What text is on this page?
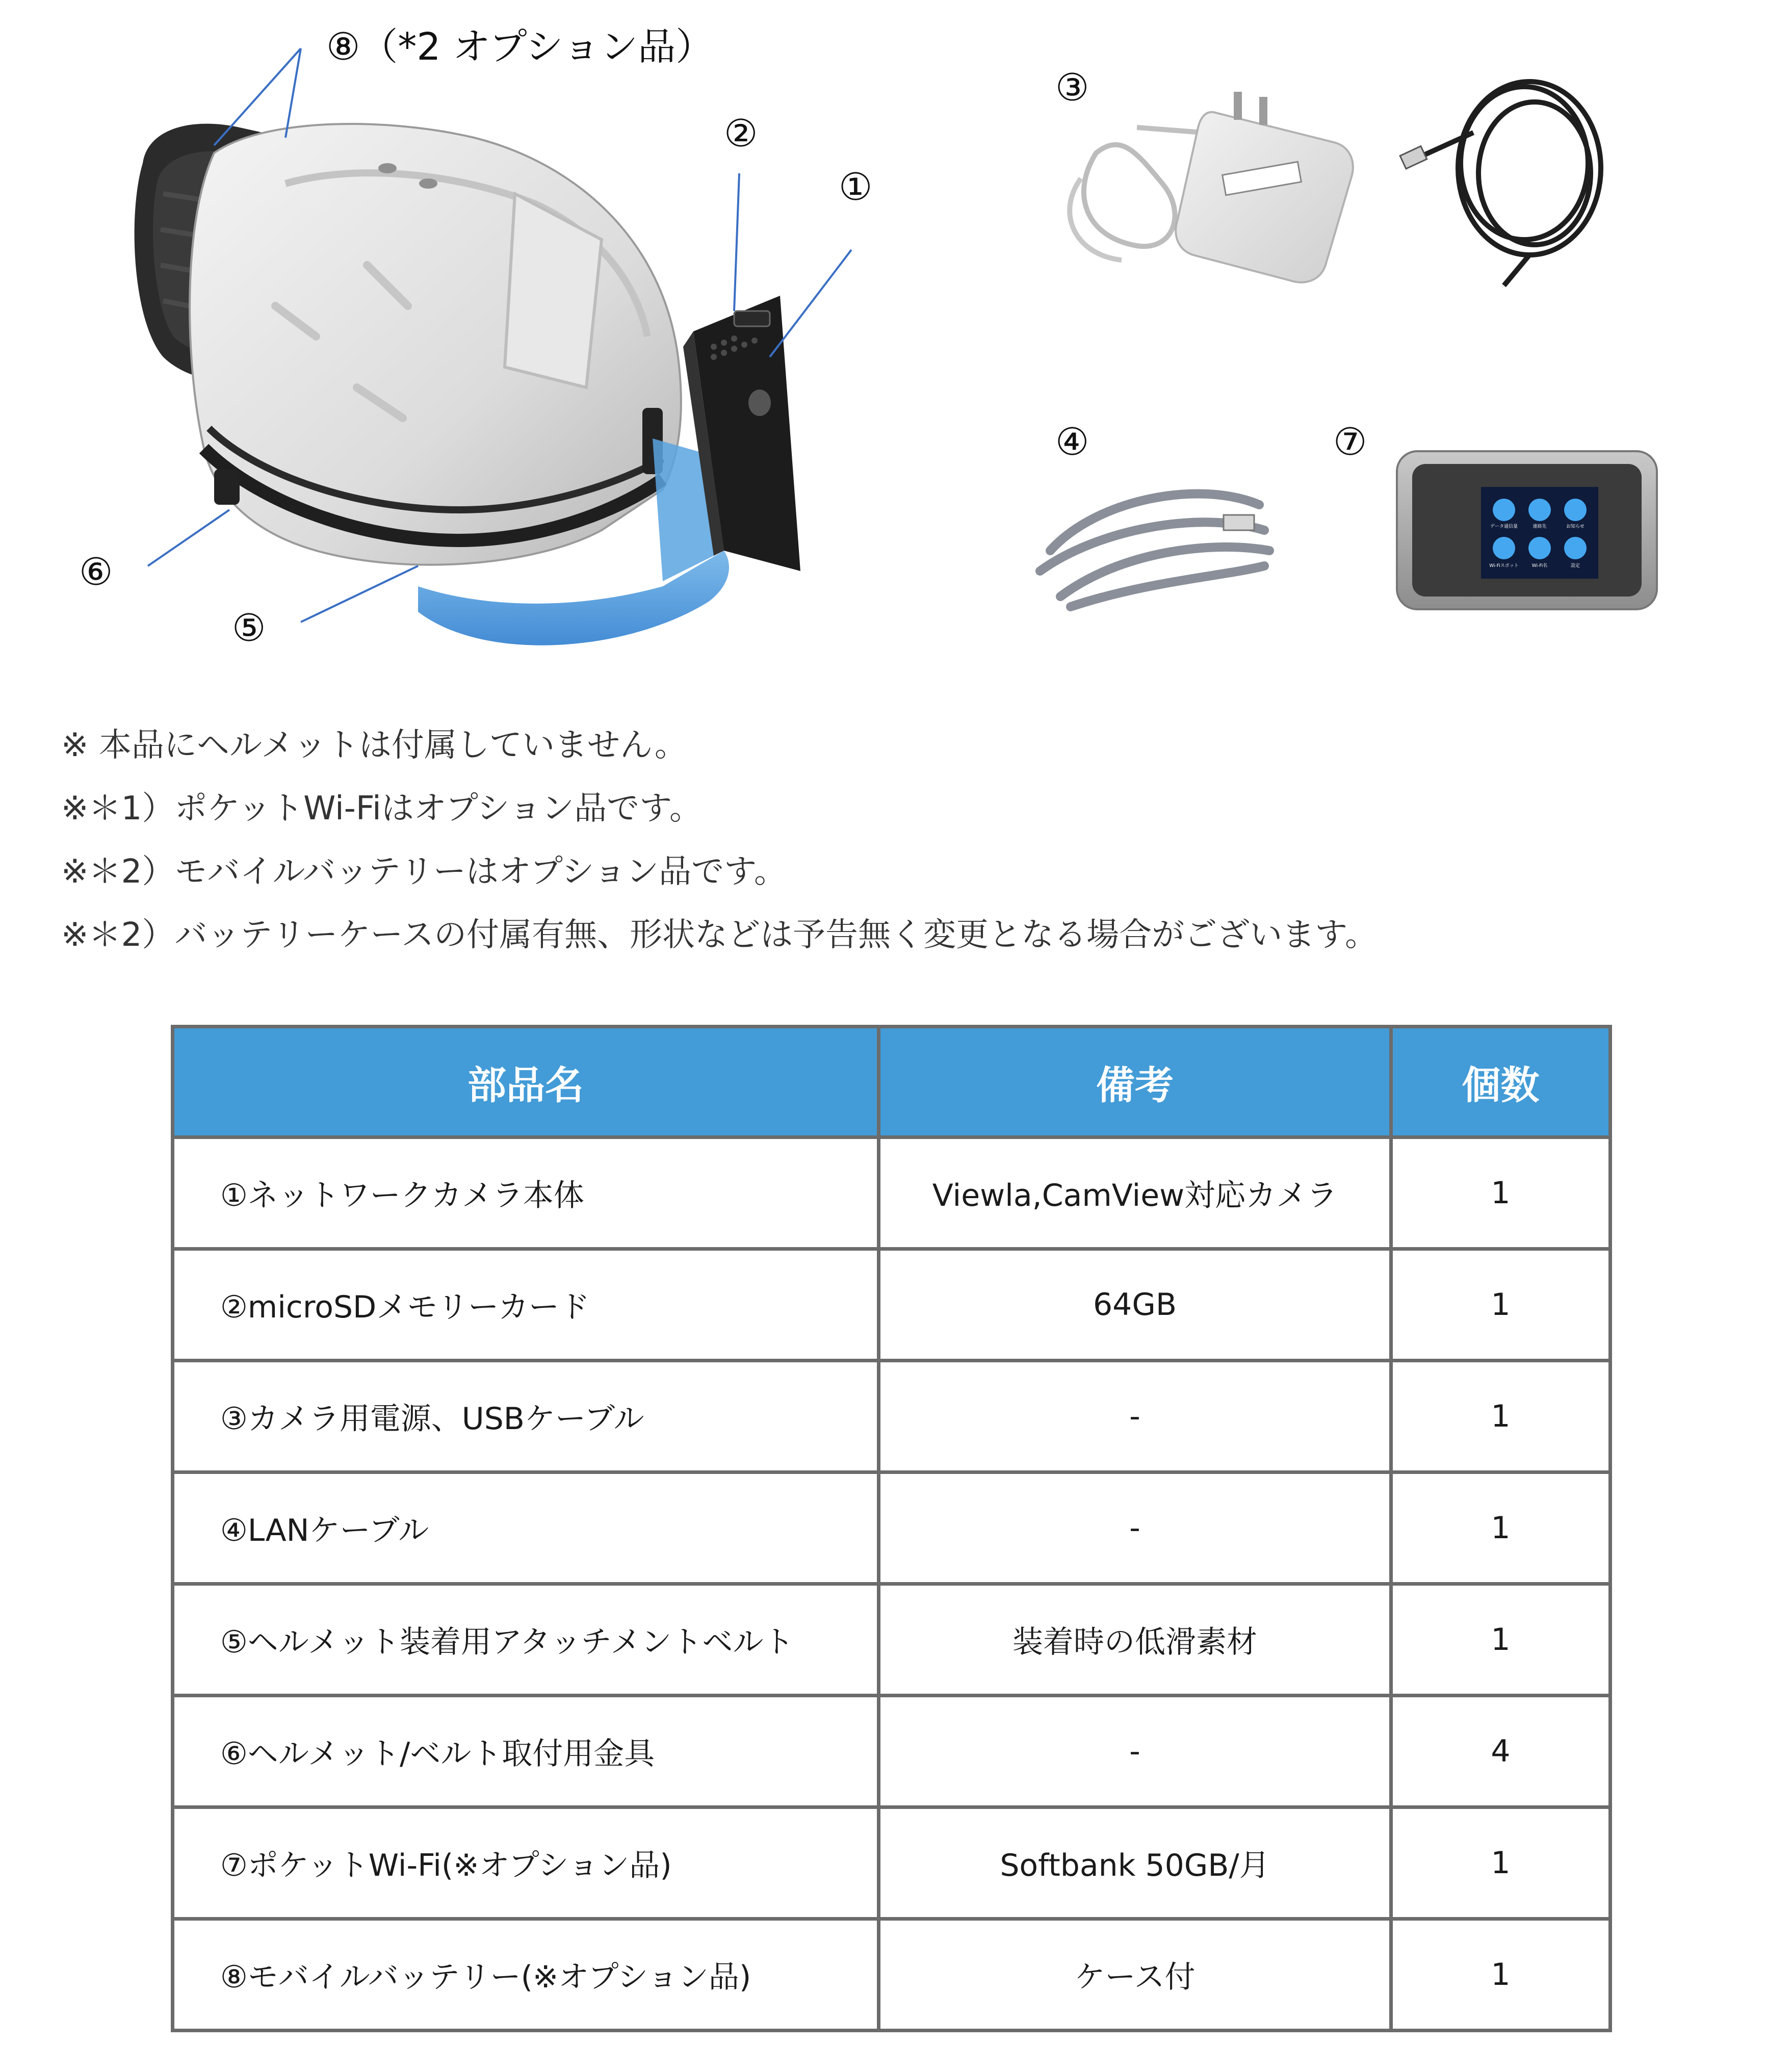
データ通信量	連絡先	お知らせ
Wi-Fiスポット	Wi-Fi名	設定
⑧（*2 オプション品）
②
①
③
④	⑦
⑥
⑤
※ 本品にヘルメットは付属していません。
※＊1）ポケットWi-Fiはオプション品です。
※＊2）モバイルバッテリーはオプション品です。
※＊2）バッテリーケースの付属有無、形状などは予告無く変更となる場合がございます。
部品名	備考	個数
①ネットワークカメラ本体	Viewla,CamView対応カメラ	1
②microSDメモリーカード	64GB	1
③カメラ用電源、USBケーブル	-	1
④LANケーブル	-	1
⑤ヘルメット装着用アタッチメントベルト	装着時の低滑素材	1
⑥ヘルメット/ベルト取付用金具	-	4
⑦ポケットWi-Fi(※オプション品)	Softbank 50GB/月	1
⑧モバイルバッテリー(※オプション品)	ケース付	1
